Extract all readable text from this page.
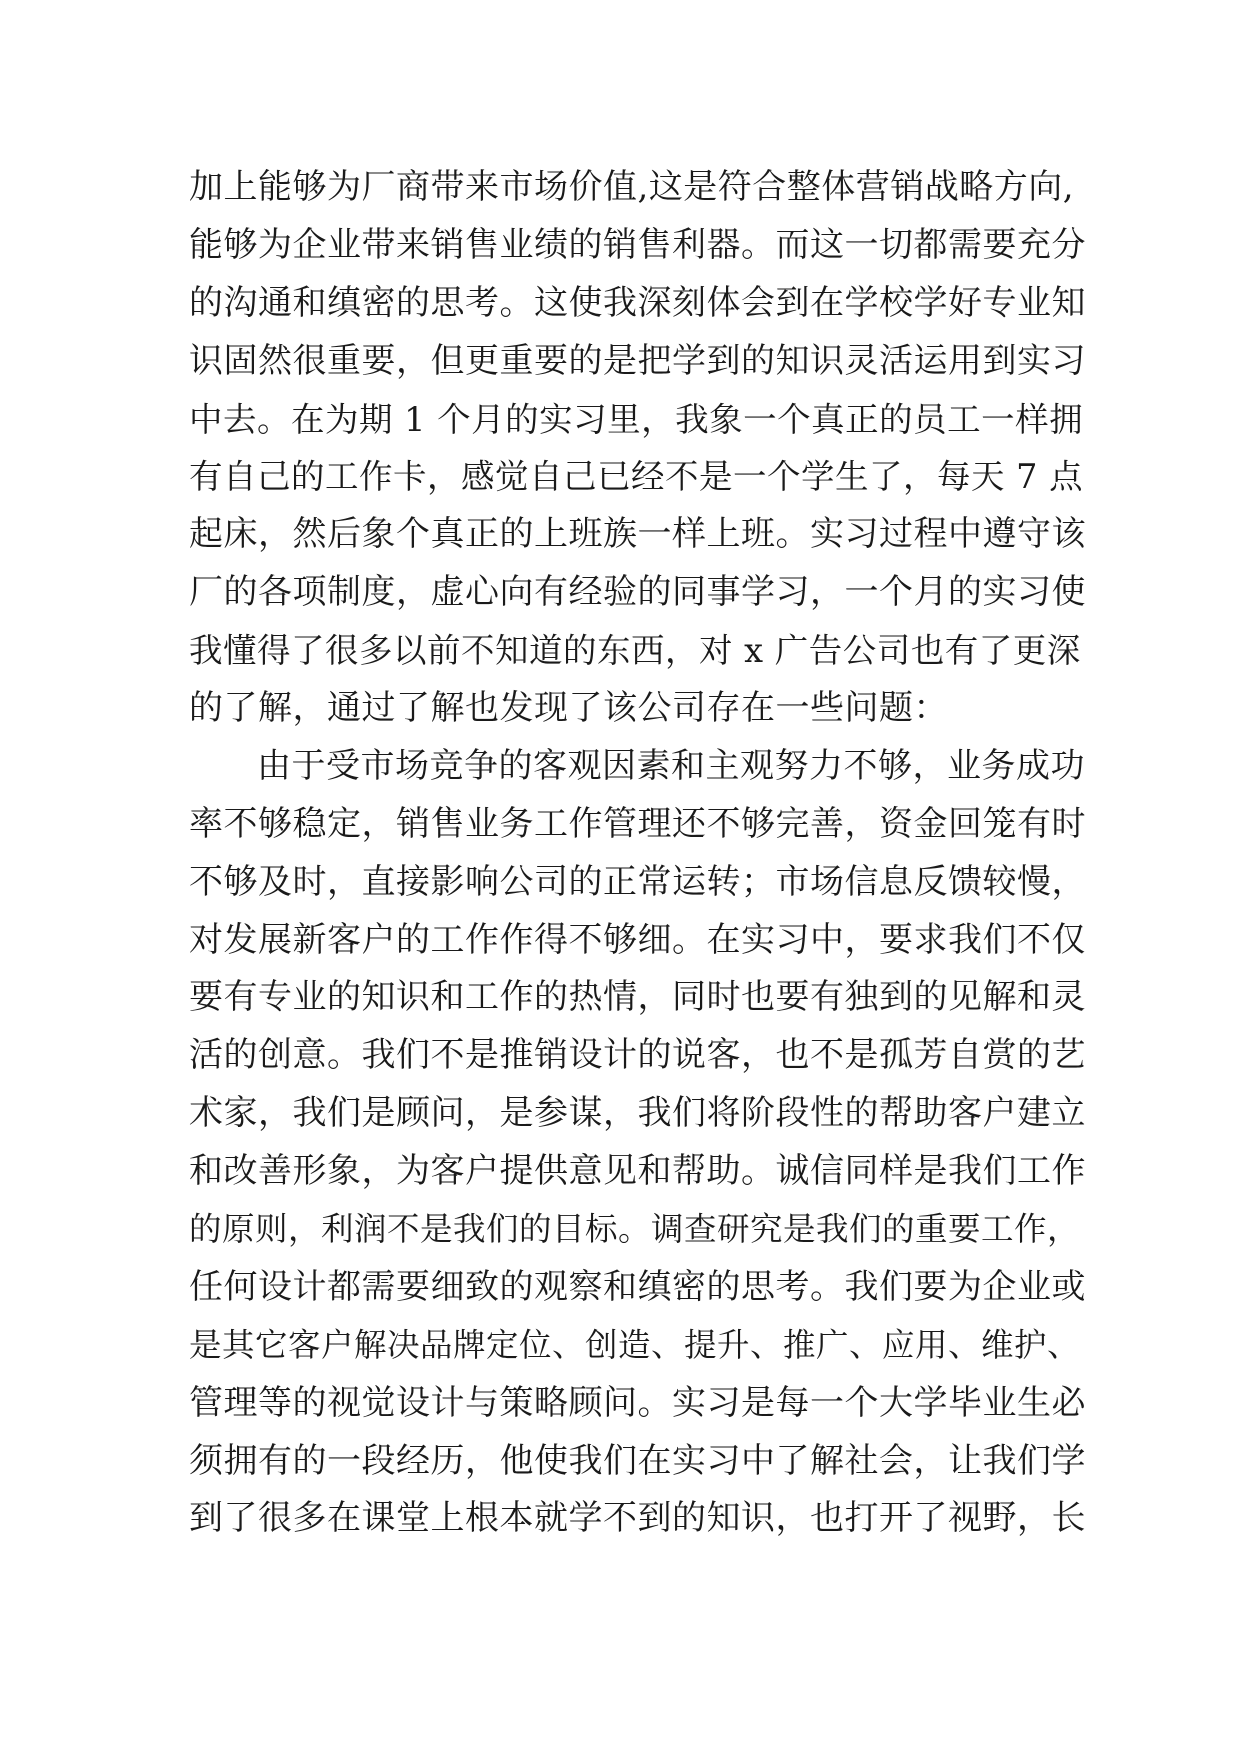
加上能够为厂商带来市场价值,这是符合整体营销战略方向,
能够为企业带来销售业绩的销售利器。而这一切都需要充分
的沟通和缜密的思考。这使我深刻体会到在学校学好专业知
识固然很重要，但更重要的是把学到的知识灵活运用到实习
中去。在为期 1 个月的实习里，我象一个真正的员工一样拥
有自己的工作卡，感觉自己已经不是一个学生了，每天 7 点
起床，然后象个真正的上班族一样上班。实习过程中遵守该
厂的各项制度，虚心向有经验的同事学习，一个月的实习使
我懂得了很多以前不知道的东西，对 x 广告公司也有了更深
的了解，通过了解也发现了该公司存在一些问题：
由于受市场竞争的客观因素和主观努力不够，业务成功
率不够稳定，销售业务工作管理还不够完善，资金回笼有时
不够及时，直接影响公司的正常运转；市场信息反馈较慢，
对发展新客户的工作作得不够细。在实习中，要求我们不仅
要有专业的知识和工作的热情，同时也要有独到的见解和灵
活的创意。我们不是推销设计的说客，也不是孤芳自赏的艺
术家，我们是顾问，是参谋，我们将阶段性的帮助客户建立
和改善形象，为客户提供意见和帮助。诚信同样是我们工作
的原则，利润不是我们的目标。调查研究是我们的重要工作，
任何设计都需要细致的观察和缜密的思考。我们要为企业或
是其它客户解决品牌定位、创造、提升、推广、应用、维护、
管理等的视觉设计与策略顾问。实习是每一个大学毕业生必
须拥有的一段经历，他使我们在实习中了解社会，让我们学
到了很多在课堂上根本就学不到的知识，也打开了视野，长
